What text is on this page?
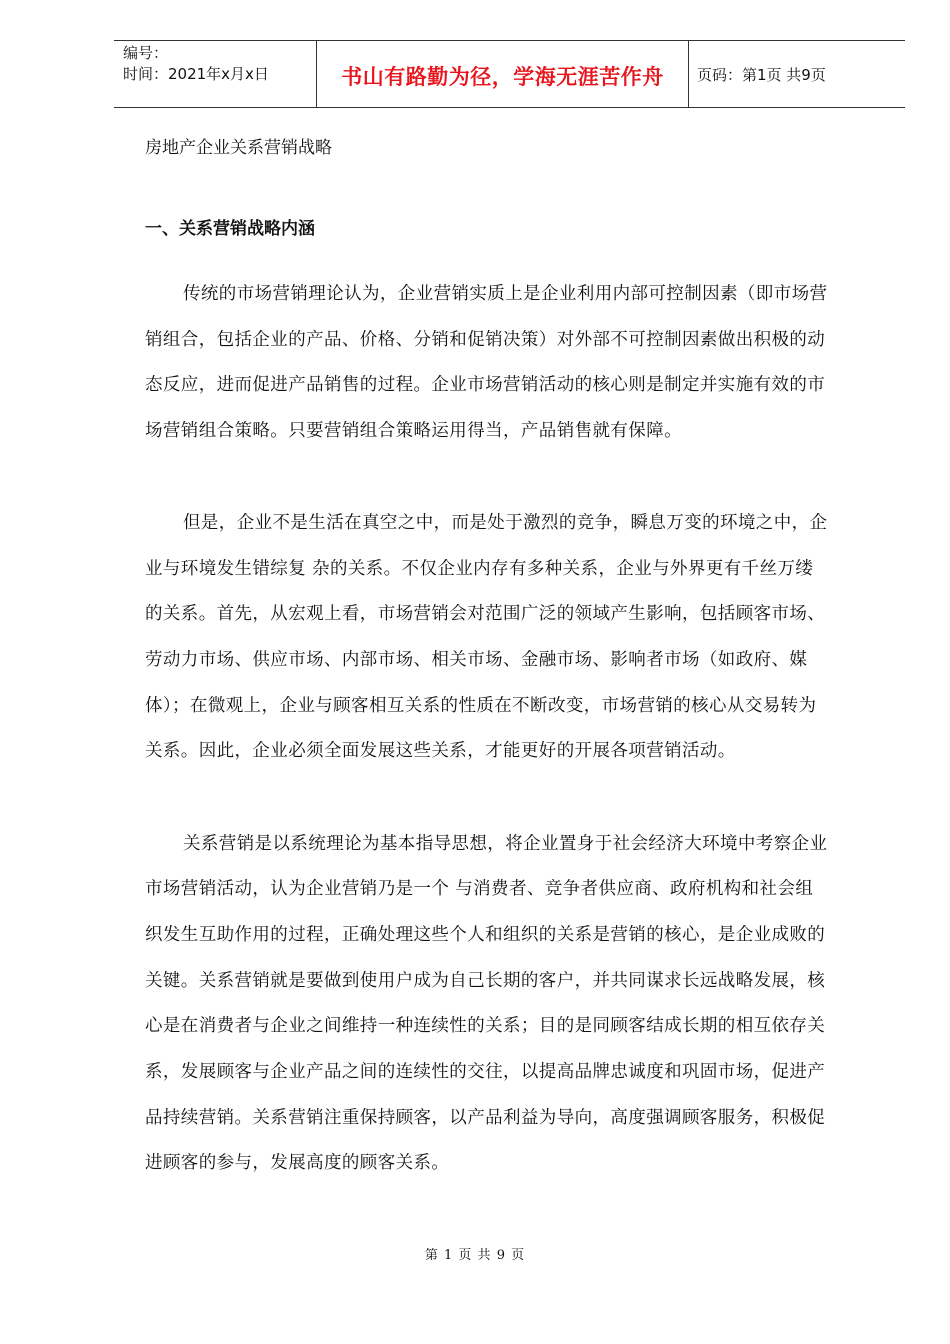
编号：
时间：2021年x月x日	书山有路勤为径，学海无涯苦作舟 页码：第1页 共9页
房地产企业关系营销战略
一、关系营销战略内涵
传统的市场营销理论认为，企业营销实质上是企业利用内部可控制因素（即市场营
销组合，包括企业的产品、价格、分销和促销决策）对外部不可控制因素做出积极的动
态反应，进而促进产品销售的过程。企业市场营销活动的核心则是制定并实施有效的市
场营销组合策略。只要营销组合策略运用得当，产品销售就有保障。
但是，企业不是生活在真空之中，而是处于激烈的竞争，瞬息万变的环境之中，企
业与环境发生错综复 杂的关系。不仅企业内存有多种关系，企业与外界更有千丝万缕
的关系。首先，从宏观上看，市场营销会对范围广泛的领域产生影响，包括顾客市场、
劳动力市场、供应市场、内部市场、相关市场、金融市场、影响者市场（如政府、媒
体）；在微观上，企业与顾客相互关系的性质在不断改变，市场营销的核心从交易转为
关系。因此，企业必须全面发展这些关系，才能更好的开展各项营销活动。
关系营销是以系统理论为基本指导思想，将企业置身于社会经济大环境中考察企业
市场营销活动，认为企业营销乃是一个 与消费者、竞争者供应商、政府机构和社会组
织发生互助作用的过程，正确处理这些个人和组织的关系是营销的核心，是企业成败的
关键。关系营销就是要做到使用户成为自己长期的客户，并共同谋求长远战略发展，核
心是在消费者与企业之间维持一种连续性的关系；目的是同顾客结成长期的相互依存关
系，发展顾客与企业产品之间的连续性的交往，以提高品牌忠诚度和巩固市场，促进产
品持续营销。关系营销注重保持顾客，以产品利益为导向，高度强调顾客服务，积极促
进顾客的参与，发展高度的顾客关系。
第 1 页 共 9 页
